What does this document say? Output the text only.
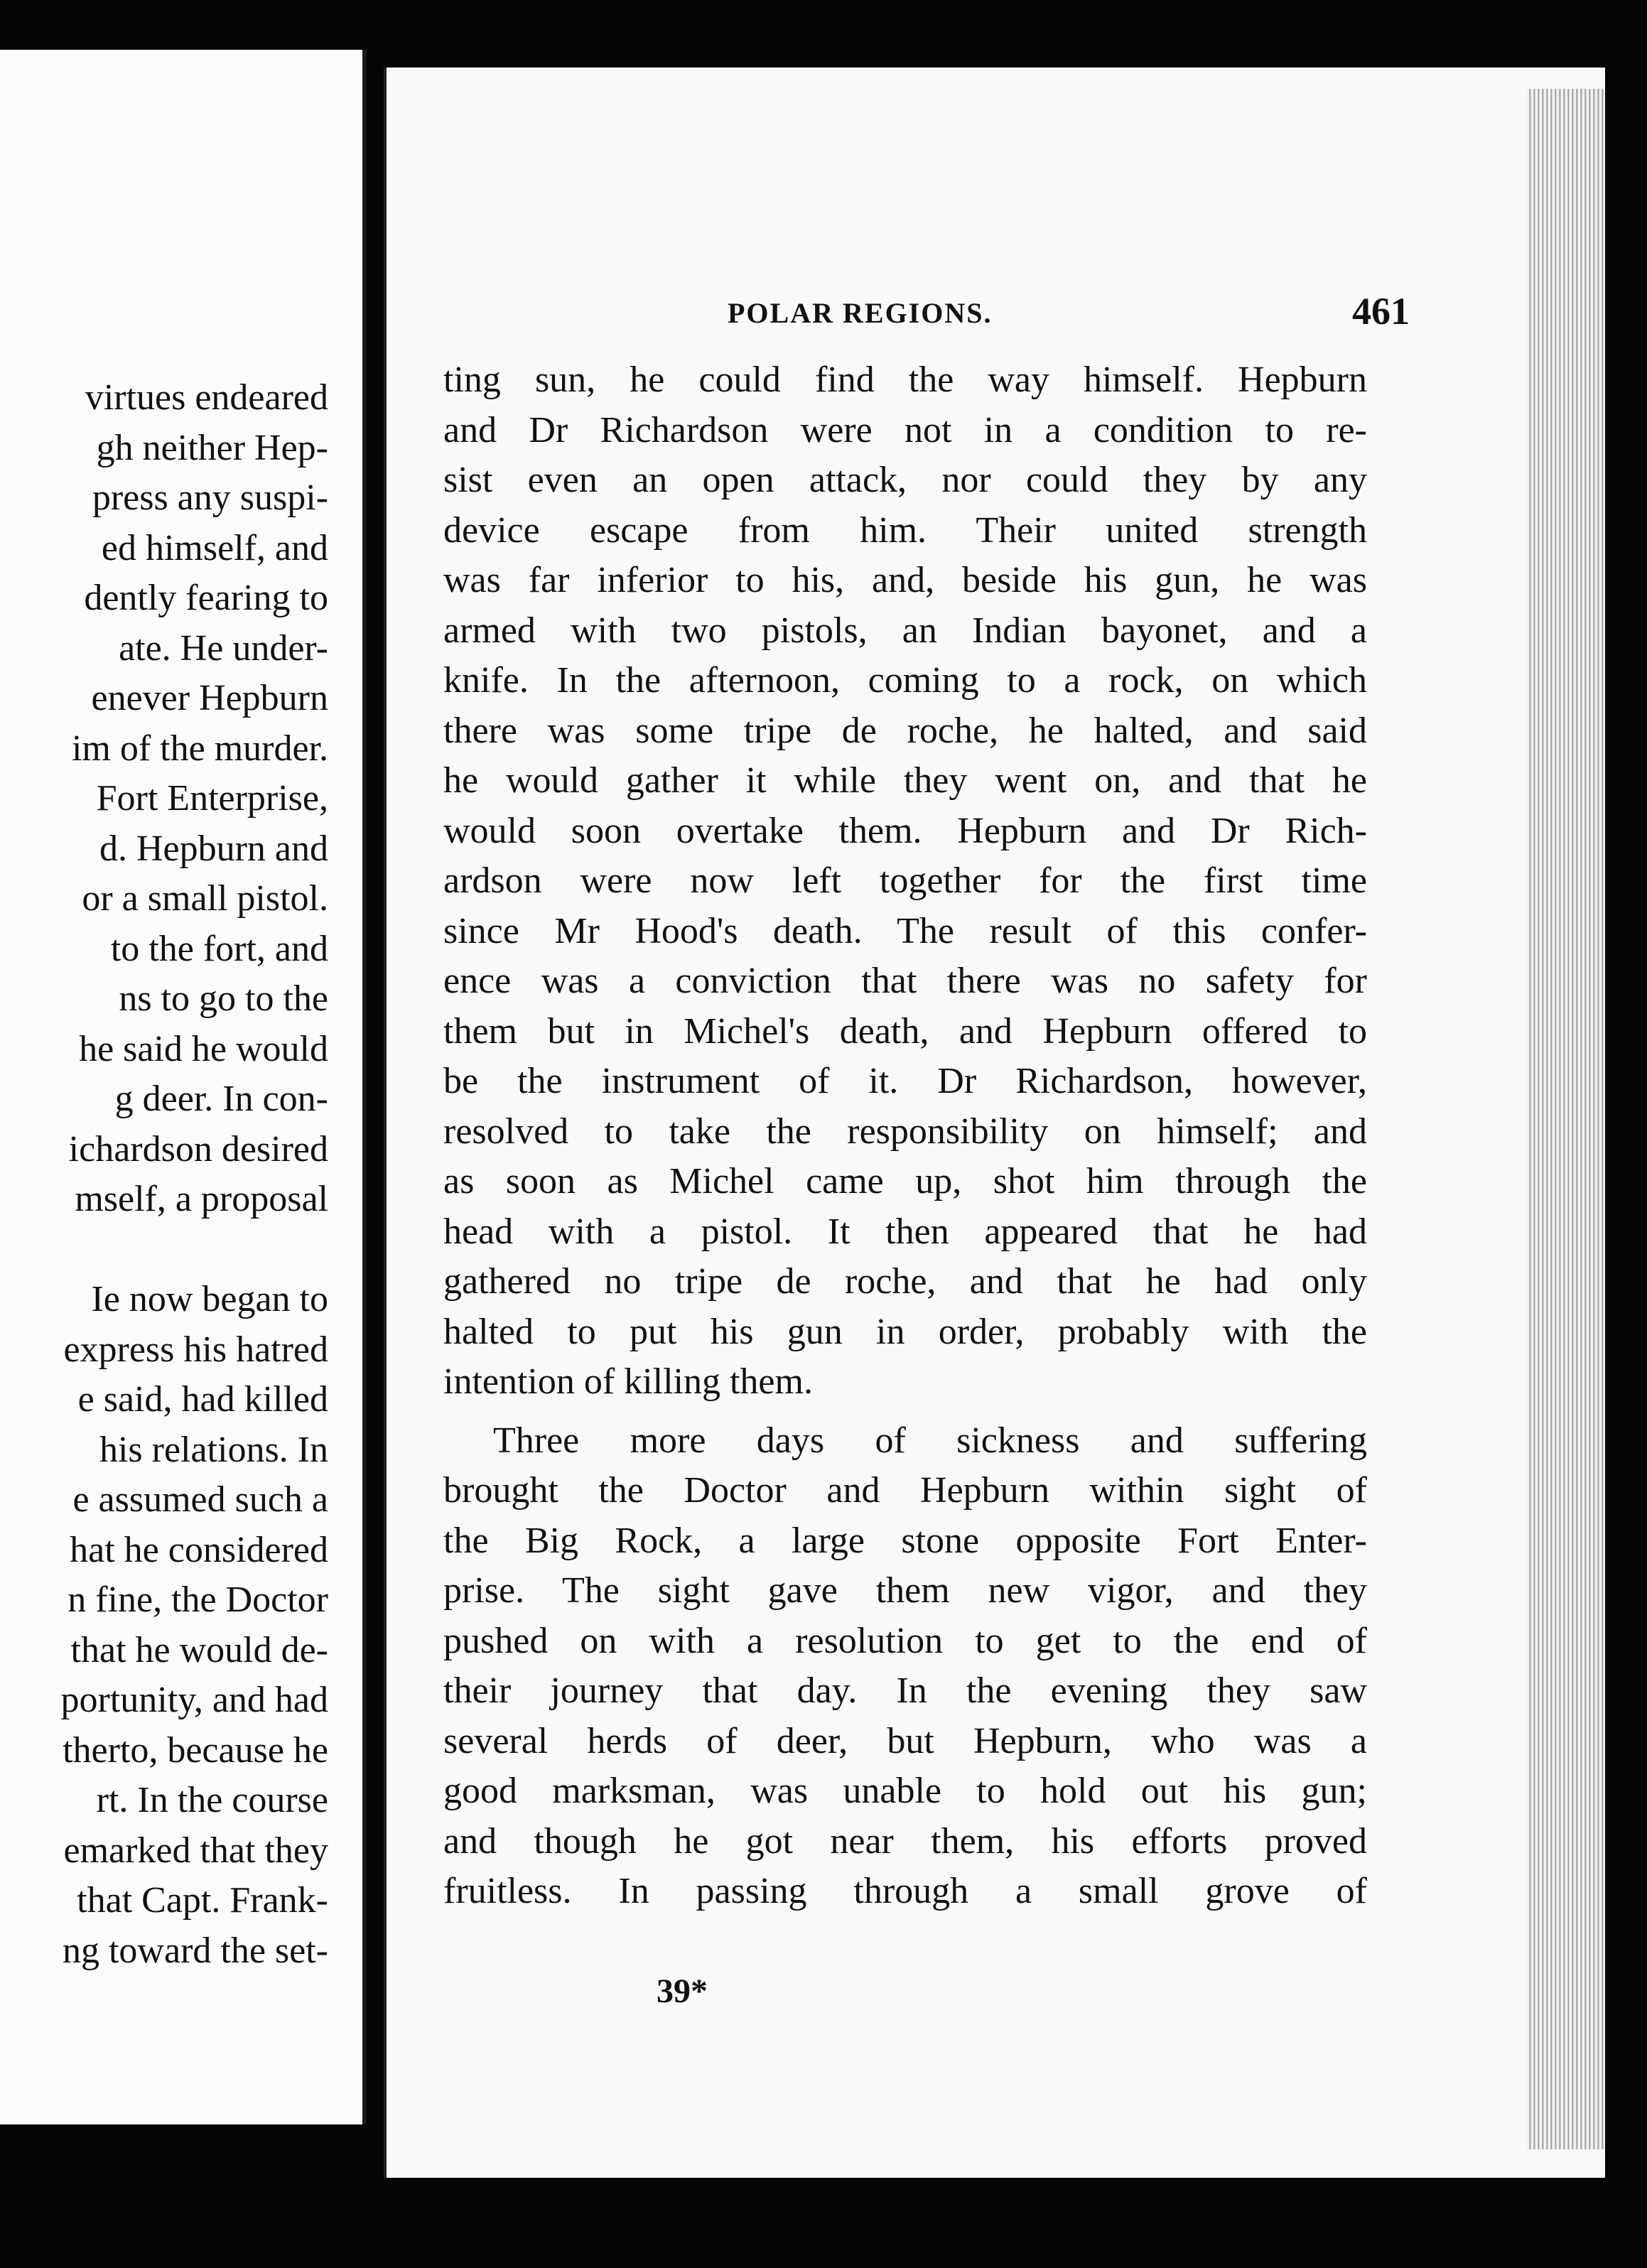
virtues endeared
gh neither Hep-
press any suspi-
ed himself, and
dently fearing to
ate. He under-
enever Hepburn
im of the murder.
Fort Enterprise,
d. Hepburn and
or a small pistol.
to the fort, and
ns to go to the
he said he would
g deer. In con-
ichardson desired
mself, a proposal

Ie now began to
express his hatred
e said, had killed
his relations. In
e assumed such a
hat he considered
n fine, the Doctor
that he would de-
portunity, and had
therto, because he
rt. In the course
emarked that they
that Capt. Frank-
ng toward the set-
POLAR REGIONS.	461
ting sun, he could find the way himself. Hepburn
and Dr Richardson were not in a condition to re-
sist even an open attack, nor could they by any
device escape from him. Their united strength
was far inferior to his, and, beside his gun, he was
armed with two pistols, an Indian bayonet, and a
knife. In the afternoon, coming to a rock, on which
there was some tripe de roche, he halted, and said
he would gather it while they went on, and that he
would soon overtake them. Hepburn and Dr Rich-
ardson were now left together for the first time
since Mr Hood's death. The result of this confer-
ence was a conviction that there was no safety for
them but in Michel's death, and Hepburn offered to
be the instrument of it. Dr Richardson, however,
resolved to take the responsibility on himself; and
as soon as Michel came up, shot him through the
head with a pistol. It then appeared that he had
gathered no tripe de roche, and that he had only
halted to put his gun in order, probably with the
intention of killing them.
Three more days of sickness and suffering
brought the Doctor and Hepburn within sight of
the Big Rock, a large stone opposite Fort Enter-
prise. The sight gave them new vigor, and they
pushed on with a resolution to get to the end of
their journey that day. In the evening they saw
several herds of deer, but Hepburn, who was a
good marksman, was unable to hold out his gun;
and though he got near them, his efforts proved
fruitless. In passing through a small grove of
39*
